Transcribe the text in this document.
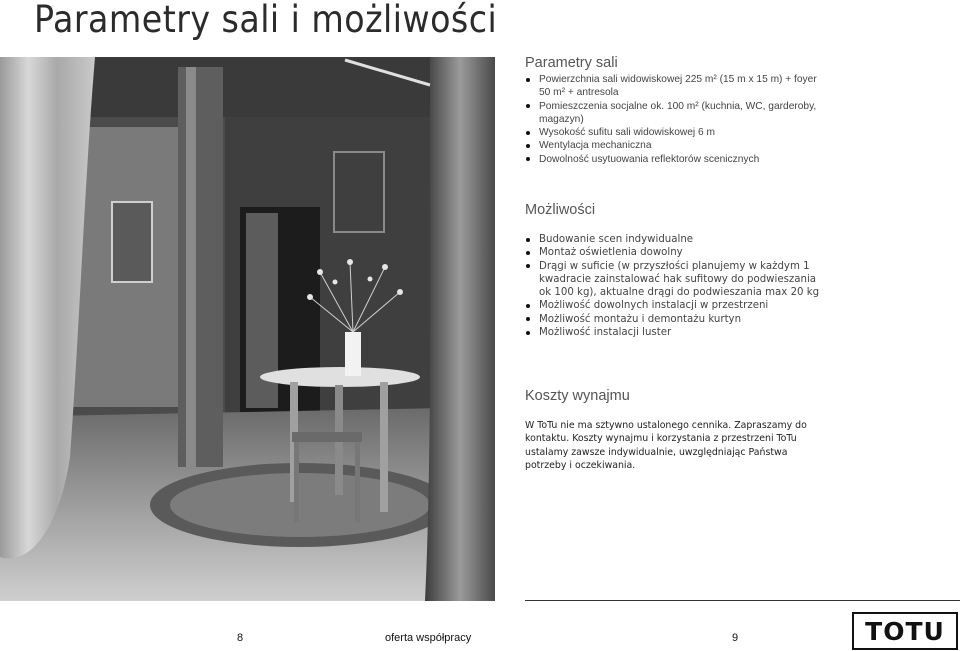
Parametry sali i możliwości
Parametry sali
Powierzchnia sali widowiskowej 225 m² (15 m x 15 m) + foyer 50 m² + antresola
Pomieszczenia socjalne ok. 100 m² (kuchnia, WC, garderoby, magazyn)
Wysokość sufitu sali widowiskowej 6 m
Wentylacja mechaniczna
Dowolność usytuowania reflektorów scenicznych
Możliwości
Budowanie scen indywidualne
Montaż oświetlenia dowolny
Drągi w suficie (w przyszłości planujemy w każdym 1 kwadracie zainstalować hak sufitowy do podwieszania ok 100 kg), aktualne drągi do podwieszania max 20 kg
Możliwość dowolnych instalacji w przestrzeni
Możliwość montażu i demontażu kurtyn
Możliwość instalacji luster
Koszty wynajmu
W ToTu nie ma sztywno ustalonego cennika. Zapraszamy do kontaktu. Koszty wynajmu i korzystania z przestrzeni ToTu ustalamy zawsze indywidualnie, uwzględniając Państwa potrzeby i oczekiwania.
8	oferta współpracy	9	TOTU
